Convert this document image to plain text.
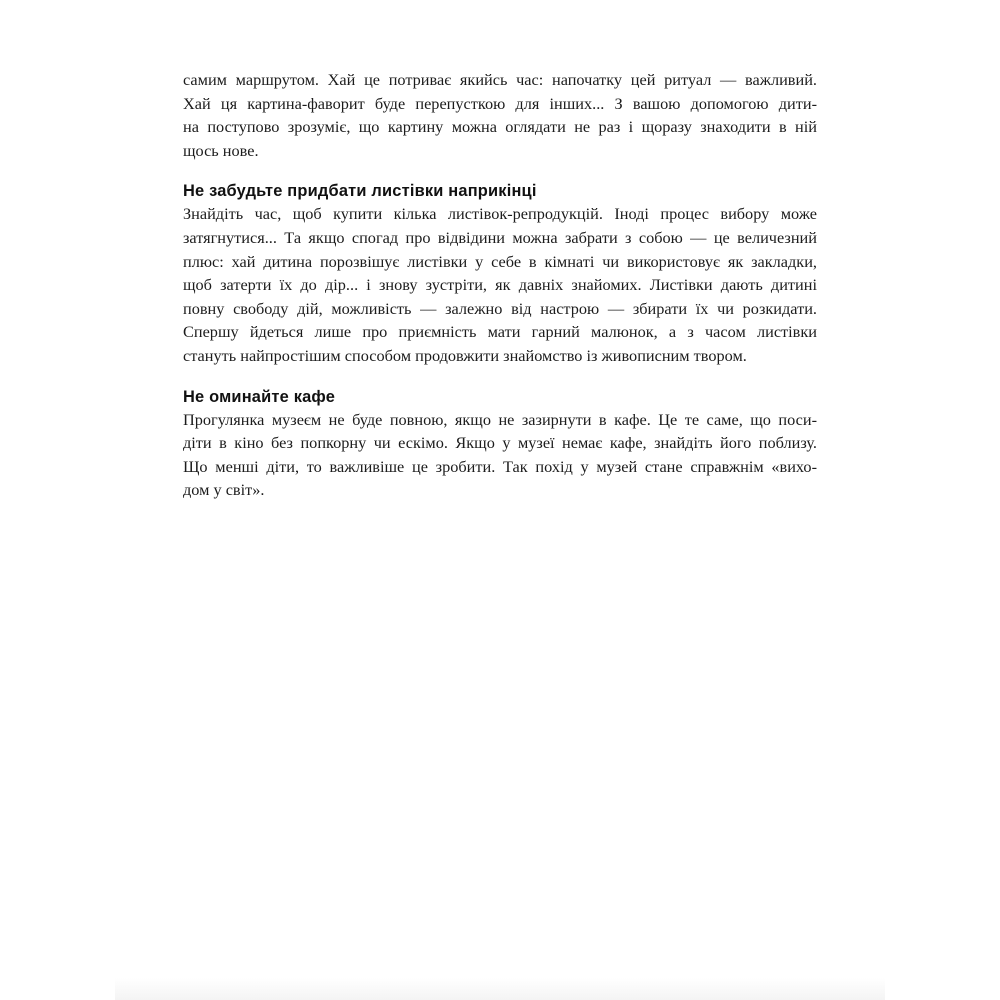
самим маршрутом. Хай це потриває якийсь час: напочатку цей ритуал — важливий.
Хай ця картина-фаворит буде перепусткою для інших... З вашою допомогою дити-
на поступово зрозуміє, що картину можна оглядати не раз і щоразу знаходити в ній
щось нове.

Не забудьте придбати листівки наприкінці

Знайдіть час, щоб купити кілька листівок-репродукцій. Іноді процес вибору може
затягнутися... Та якщо спогад про відвідини можна забрати з собою — це величезний
плюс: хай дитина порозвішує листівки у себе в кімнаті чи використовує як закладки,
щоб затерти їх до дір... і знову зустріти, як давніх знайомих. Листівки дають дитині
повну свободу дій, можливість — залежно від настрою — збирати їх чи розкидати.
Спершу йдеться лише про приємність мати гарний малюнок, а з часом листівки
стануть найпростішим способом продовжити знайомство із живописним твором.

Не оминайте кафе

Прогулянка музеєм не буде повною, якщо не зазирнути в кафе. Це те саме, що поси-
діти в кіно без попкорну чи ескімо. Якщо у музеї немає кафе, знайдіть його поблизу.
Що менші діти, то важливіше це зробити. Так похід у музей стане справжнім «вихо-
дом у світ».
